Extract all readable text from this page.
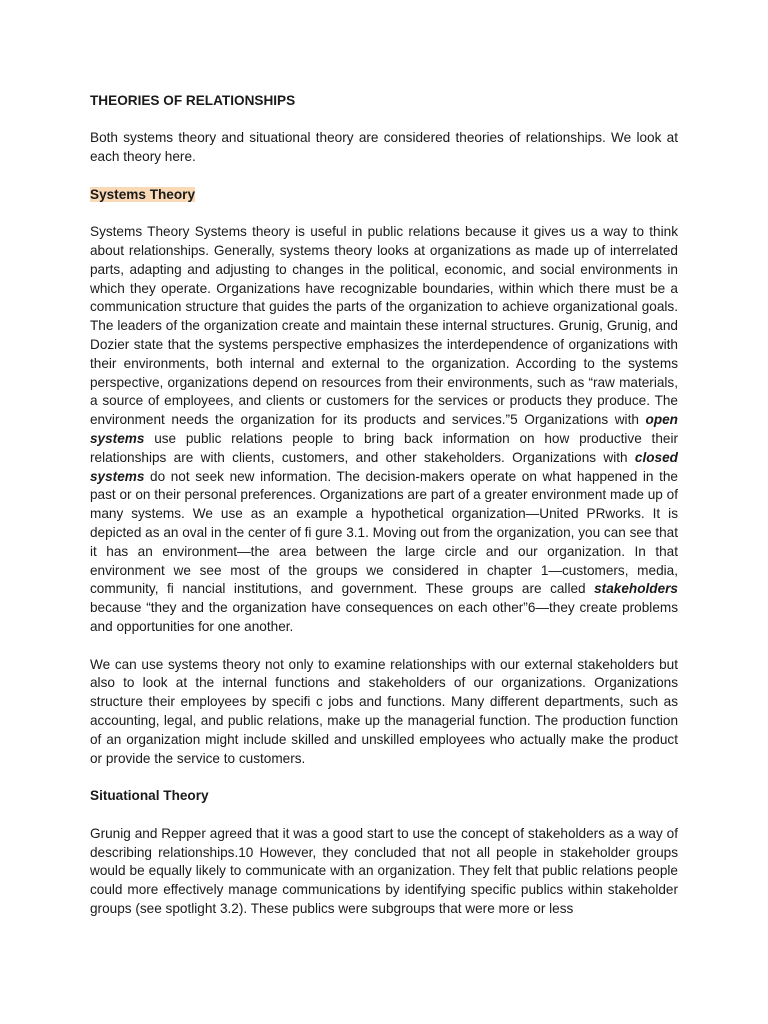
THEORIES OF RELATIONSHIPS

Both systems theory and situational theory are considered theories of relationships. We look at each theory here.

Systems Theory

Systems Theory Systems theory is useful in public relations because it gives us a way to think about relationships. Generally, systems theory looks at organizations as made up of interrelated parts, adapting and adjusting to changes in the political, economic, and social environments in which they operate. Organizations have recognizable boundaries, within which there must be a communication structure that guides the parts of the organization to achieve organizational goals. The leaders of the organization create and maintain these internal structures. Grunig, Grunig, and Dozier state that the systems perspective emphasizes the interdependence of organizations with their environments, both internal and external to the organization. According to the systems perspective, organizations depend on resources from their environments, such as “raw materials, a source of employees, and clients or customers for the services or products they produce. The environment needs the organization for its products and services.”5 Organizations with open systems use public relations people to bring back information on how productive their relationships are with clients, customers, and other stakeholders. Organizations with closed systems do not seek new information. The decision-makers operate on what happened in the past or on their personal preferences. Organizations are part of a greater environment made up of many systems. We use as an example a hypothetical organization—United PRworks. It is depicted as an oval in the center of fi gure 3.1. Moving out from the organization, you can see that it has an environment—the area between the large circle and our organization. In that environment we see most of the groups we considered in chapter 1—customers, media, community, fi nancial institutions, and government. These groups are called stakeholders because “they and the organization have consequences on each other”6—they create problems and opportunities for one another.

We can use systems theory not only to examine relationships with our external stakeholders but also to look at the internal functions and stakeholders of our organizations. Organizations structure their employees by specifi c jobs and functions. Many different departments, such as accounting, legal, and public relations, make up the managerial function. The production function of an organization might include skilled and unskilled employees who actually make the product or provide the service to customers.

Situational Theory

Grunig and Repper agreed that it was a good start to use the concept of stakeholders as a way of describing relationships.10 However, they concluded that not all people in stakeholder groups would be equally likely to communicate with an organization. They felt that public relations people could more effectively manage communications by identifying specific publics within stakeholder groups (see spotlight 3.2). These publics were subgroups that were more or less
